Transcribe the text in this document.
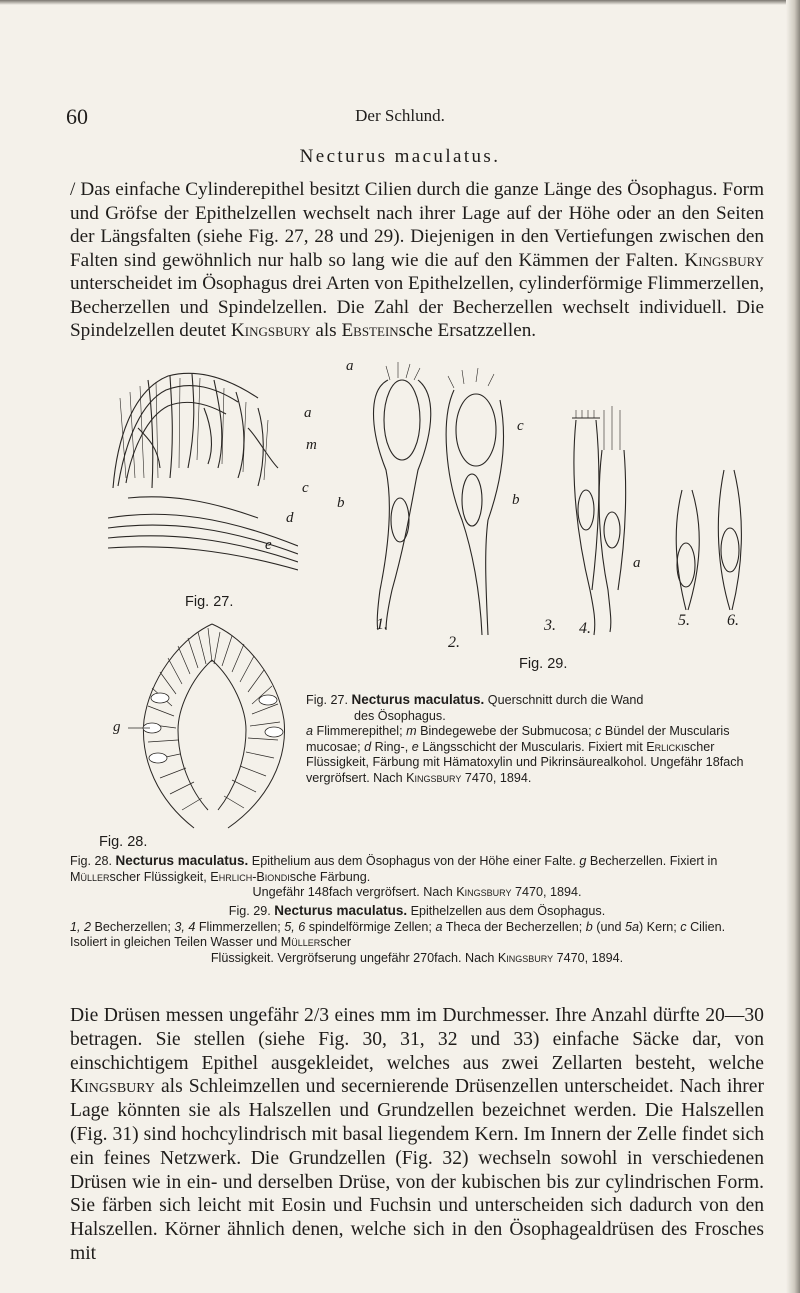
60	Der Schlund.
Necturus maculatus.
/ Das einfache Cylinderepithel besitzt Cilien durch die ganze Länge des Ösophagus. Form und Gröfse der Epithelzellen wechselt nach ihrer Lage auf der Höhe oder an den Seiten der Längsfalten (siehe Fig. 27, 28 und 29). Diejenigen in den Vertiefungen zwischen den Falten sind gewöhnlich nur halb so lang wie die auf den Kämmen der Falten. Kingsbury unterscheidet im Ösophagus drei Arten von Epithelzellen, cylinderförmige Flimmerzellen, Becherzellen und Spindelzellen. Die Zahl der Becherzellen wechselt individuell. Die Spindelzellen deutet Kingsbury als Ebsteinsche Ersatzzellen.
a
m
c
d
e
Fig. 27.
a
b
c
b
a
1.
2.
3. 4.	5. 6.
Fig. 29.
g
Fig. 28.
Fig. 27. Necturus maculatus. Querschnitt durch die Wand
des Ösophagus.
a Flimmerepithel; m Bindegewebe der Submucosa; c Bündel der Muscularis mucosae; d Ring-, e Längsschicht der Muscularis. Fixiert mit Erlickischer Flüssigkeit, Färbung mit Hämatoxylin und Pikrinsäurealkohol. Ungefähr 18fach vergröfsert. Nach Kingsbury 7470, 1894.
Fig. 28. Necturus maculatus. Epithelium aus dem Ösophagus von der Höhe einer Falte. g Becherzellen. Fixiert in Müllerscher Flüssigkeit, Ehrlich-Biondische Färbung.
Ungefähr 148fach vergröfsert. Nach Kingsbury 7470, 1894.
Fig. 29. Necturus maculatus. Epithelzellen aus dem Ösophagus.
1, 2 Becherzellen; 3, 4 Flimmerzellen; 5, 6 spindelförmige Zellen; a Theca der Becherzellen; b (und 5a) Kern; c Cilien. Isoliert in gleichen Teilen Wasser und Müllerscher
Flüssigkeit. Vergröfserung ungefähr 270fach. Nach Kingsbury 7470, 1894.
Die Drüsen messen ungefähr 2/3 eines mm im Durchmesser. Ihre Anzahl dürfte 20—30 betragen. Sie stellen (siehe Fig. 30, 31, 32 und 33) einfache Säcke dar, von einschichtigem Epithel ausgekleidet, welches aus zwei Zellarten besteht, welche Kingsbury als Schleimzellen und secernierende Drüsenzellen unterscheidet. Nach ihrer Lage könnten sie als Halszellen und Grundzellen bezeichnet werden. Die Halszellen (Fig. 31) sind hochcylindrisch mit basal liegendem Kern. Im Innern der Zelle findet sich ein feines Netzwerk. Die Grundzellen (Fig. 32) wechseln sowohl in verschiedenen Drüsen wie in ein- und derselben Drüse, von der kubischen bis zur cylindrischen Form. Sie färben sich leicht mit Eosin und Fuchsin und unterscheiden sich dadurch von den Halszellen. Körner ähnlich denen, welche sich in den Ösophagealdrüsen des Frosches mit
